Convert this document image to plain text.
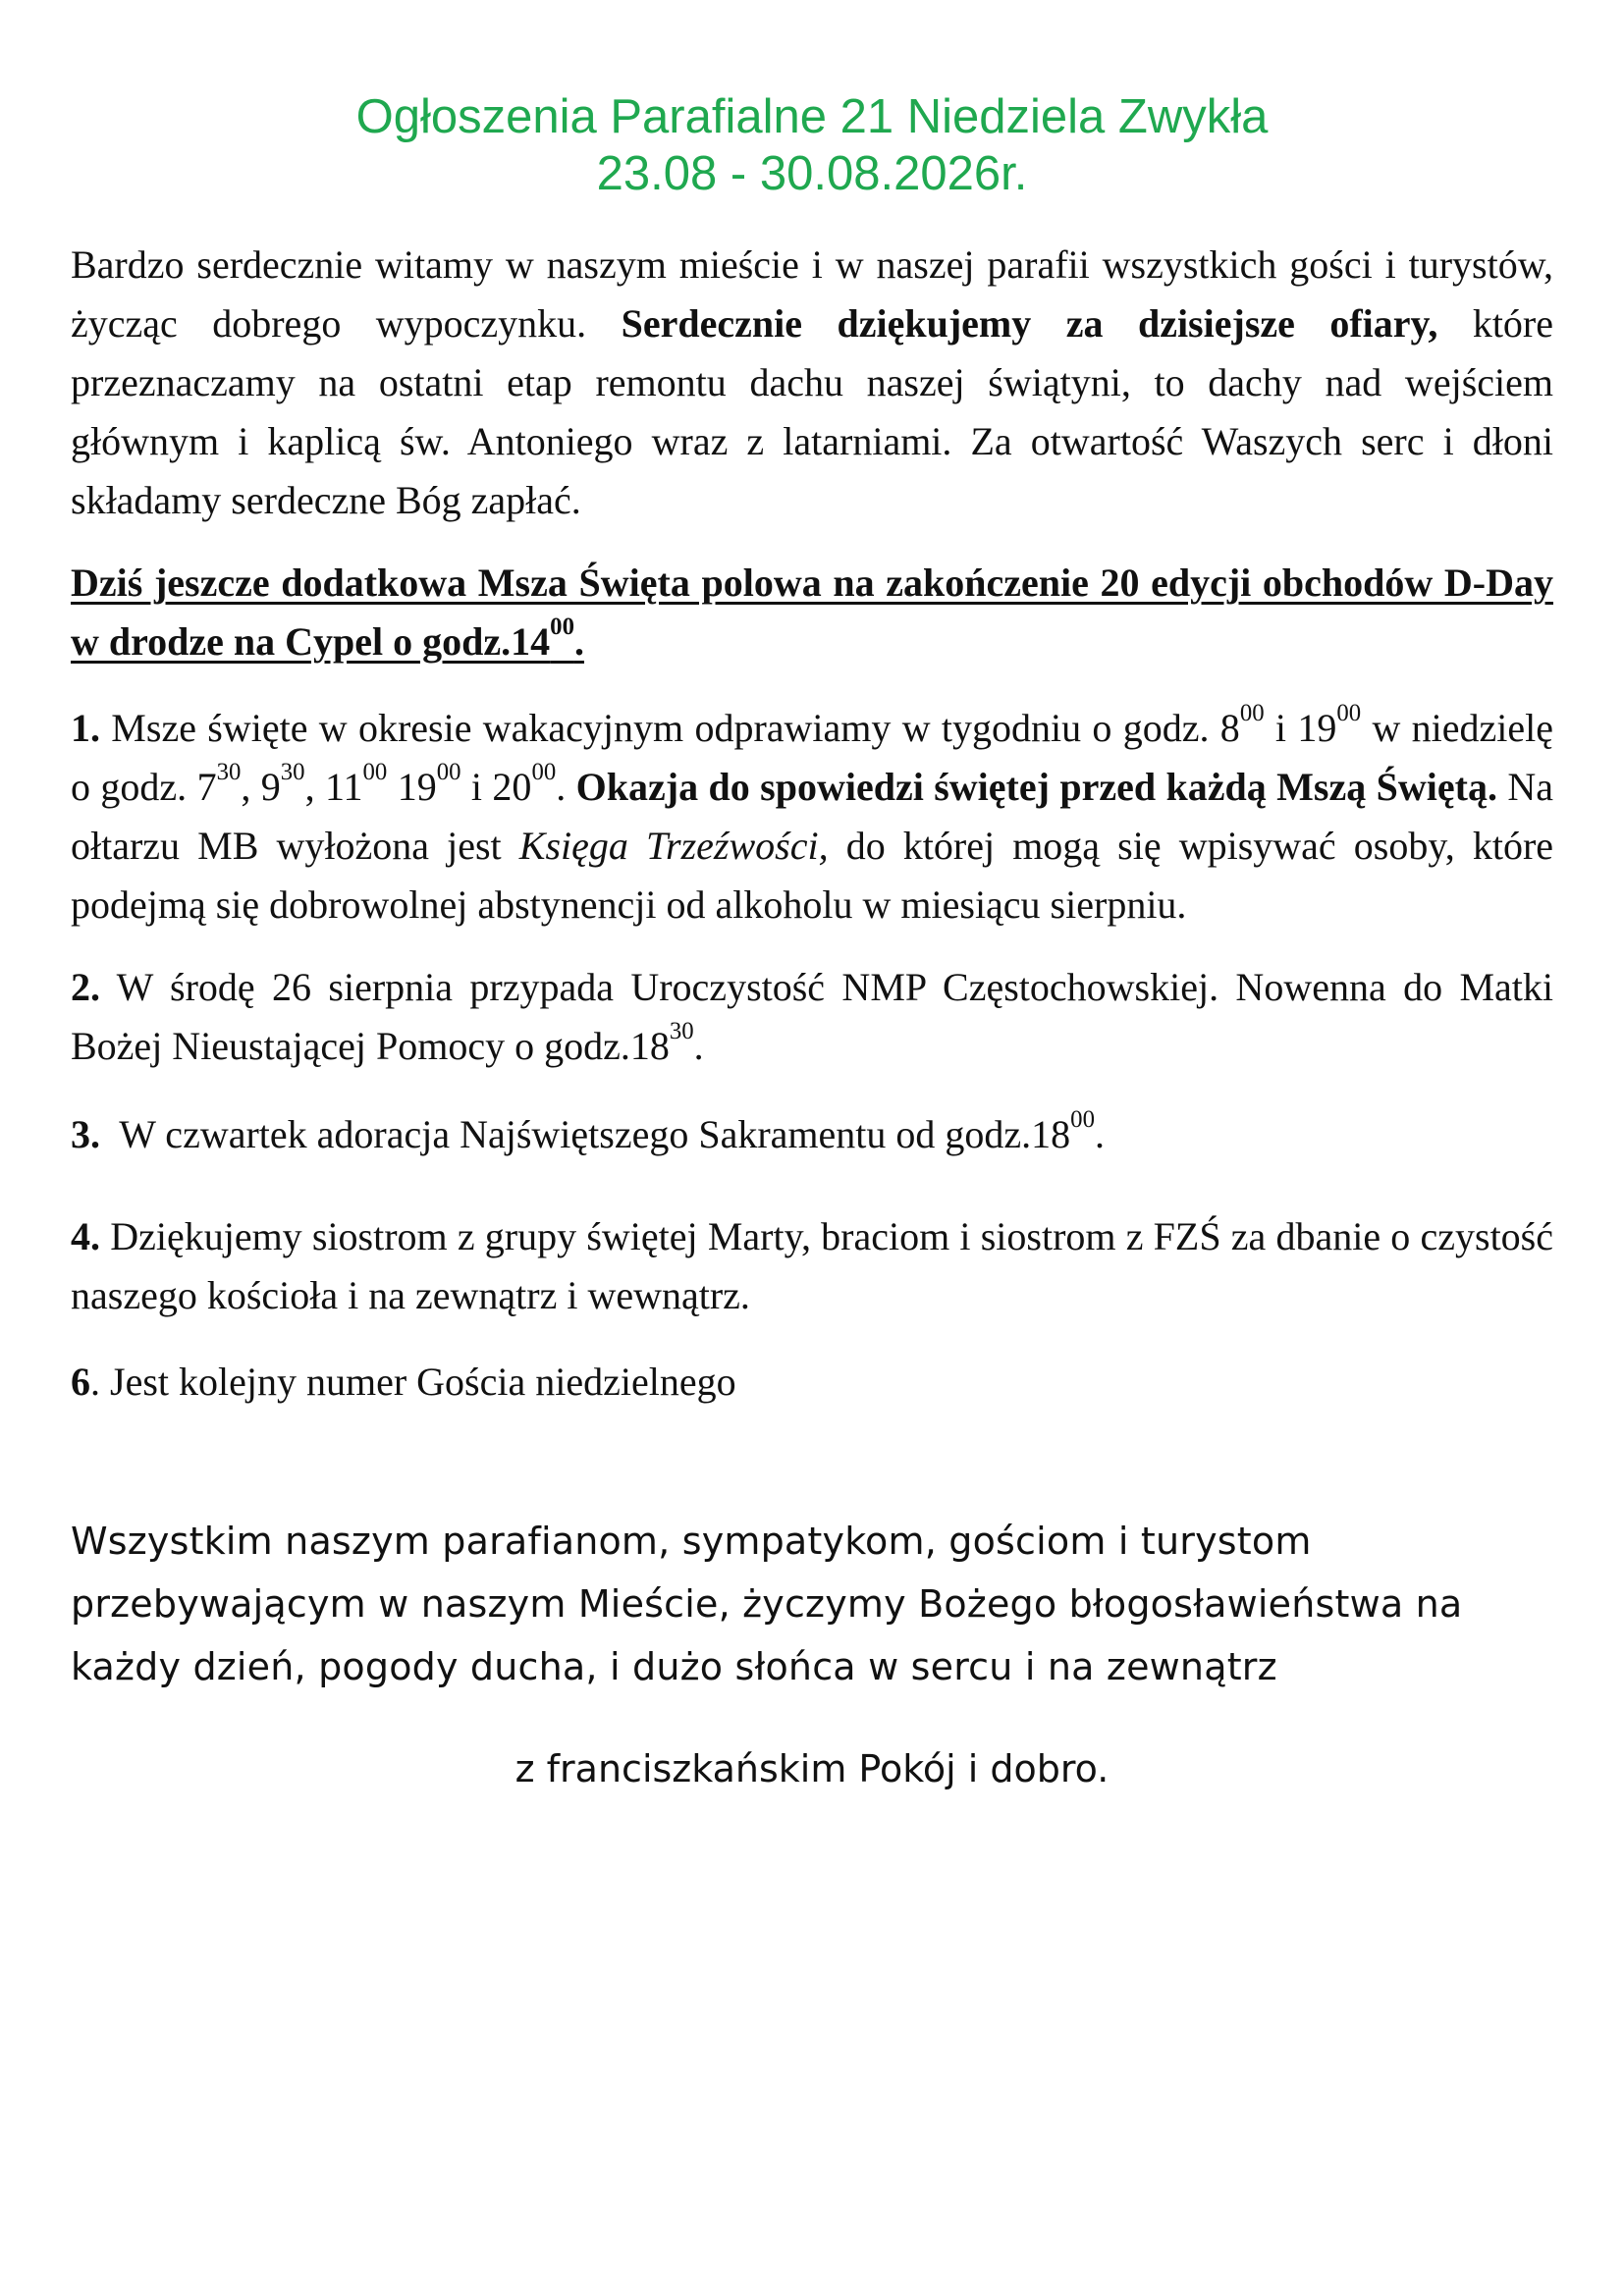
Ogłoszenia Parafialne 21 Niedziela Zwykła
23.08 - 30.08.2026r.

Bardzo serdecznie witamy w naszym mieście i w naszej parafii wszystkich gości i turystów, życząc dobrego wypoczynku. Serdecznie dziękujemy za dzisiejsze ofiary, które przeznaczamy na ostatni etap remontu dachu naszej świątyni, to dachy nad wejściem głównym i kaplicą św. Antoniego wraz z latarniami. Za otwartość Waszych serc i dłoni składamy serdeczne Bóg zapłać.

Dziś jeszcze dodatkowa Msza Święta polowa na zakończenie 20 edycji obchodów D-Day w drodze na Cypel o $godz.14^{00}$.

1. Msze święte w okresie wakacyjnym odprawiamy w tygodniu o godz. $8^{00}$ i $19^{00}$ w niedzielę o godz. $7^{30}$, $9^{30}$, $11^{00}$ $19^{00}$ i $20^{00}$. Okazja do spowiedzi świętej przed każdą Mszą Świętą. Na ołtarzu MB wyłożona jest Księga Trzeźwości, do której mogą się wpisywać osoby, które podejmą się dobrowolnej abstynencji od alkoholu w miesiącu sierpniu.

2. W środę 26 sierpnia przypada Uroczystość NMP Częstochowskiej. Nowenna do Matki Bożej Nieustającej Pomocy o $godz.18^{30}$.

3.  W czwartek adoracja Najświętszego Sakramentu od $godz.18^{00}$.

4. Dziękujemy siostrom z grupy świętej Marty, braciom i siostrom z FZŚ za dbanie o czystość naszego kościoła i na zewnątrz i wewnątrz.

6. Jest kolejny numer Gościa niedzielnego

Wszystkim naszym parafianom, sympatykom, gościom i turystom przebywającym w naszym Mieście, życzymy Bożego błogosławieństwa na każdy dzień, pogody ducha, i dużo słońca w sercu i na zewnątrz
z franciszkańskim Pokój i dobro.
